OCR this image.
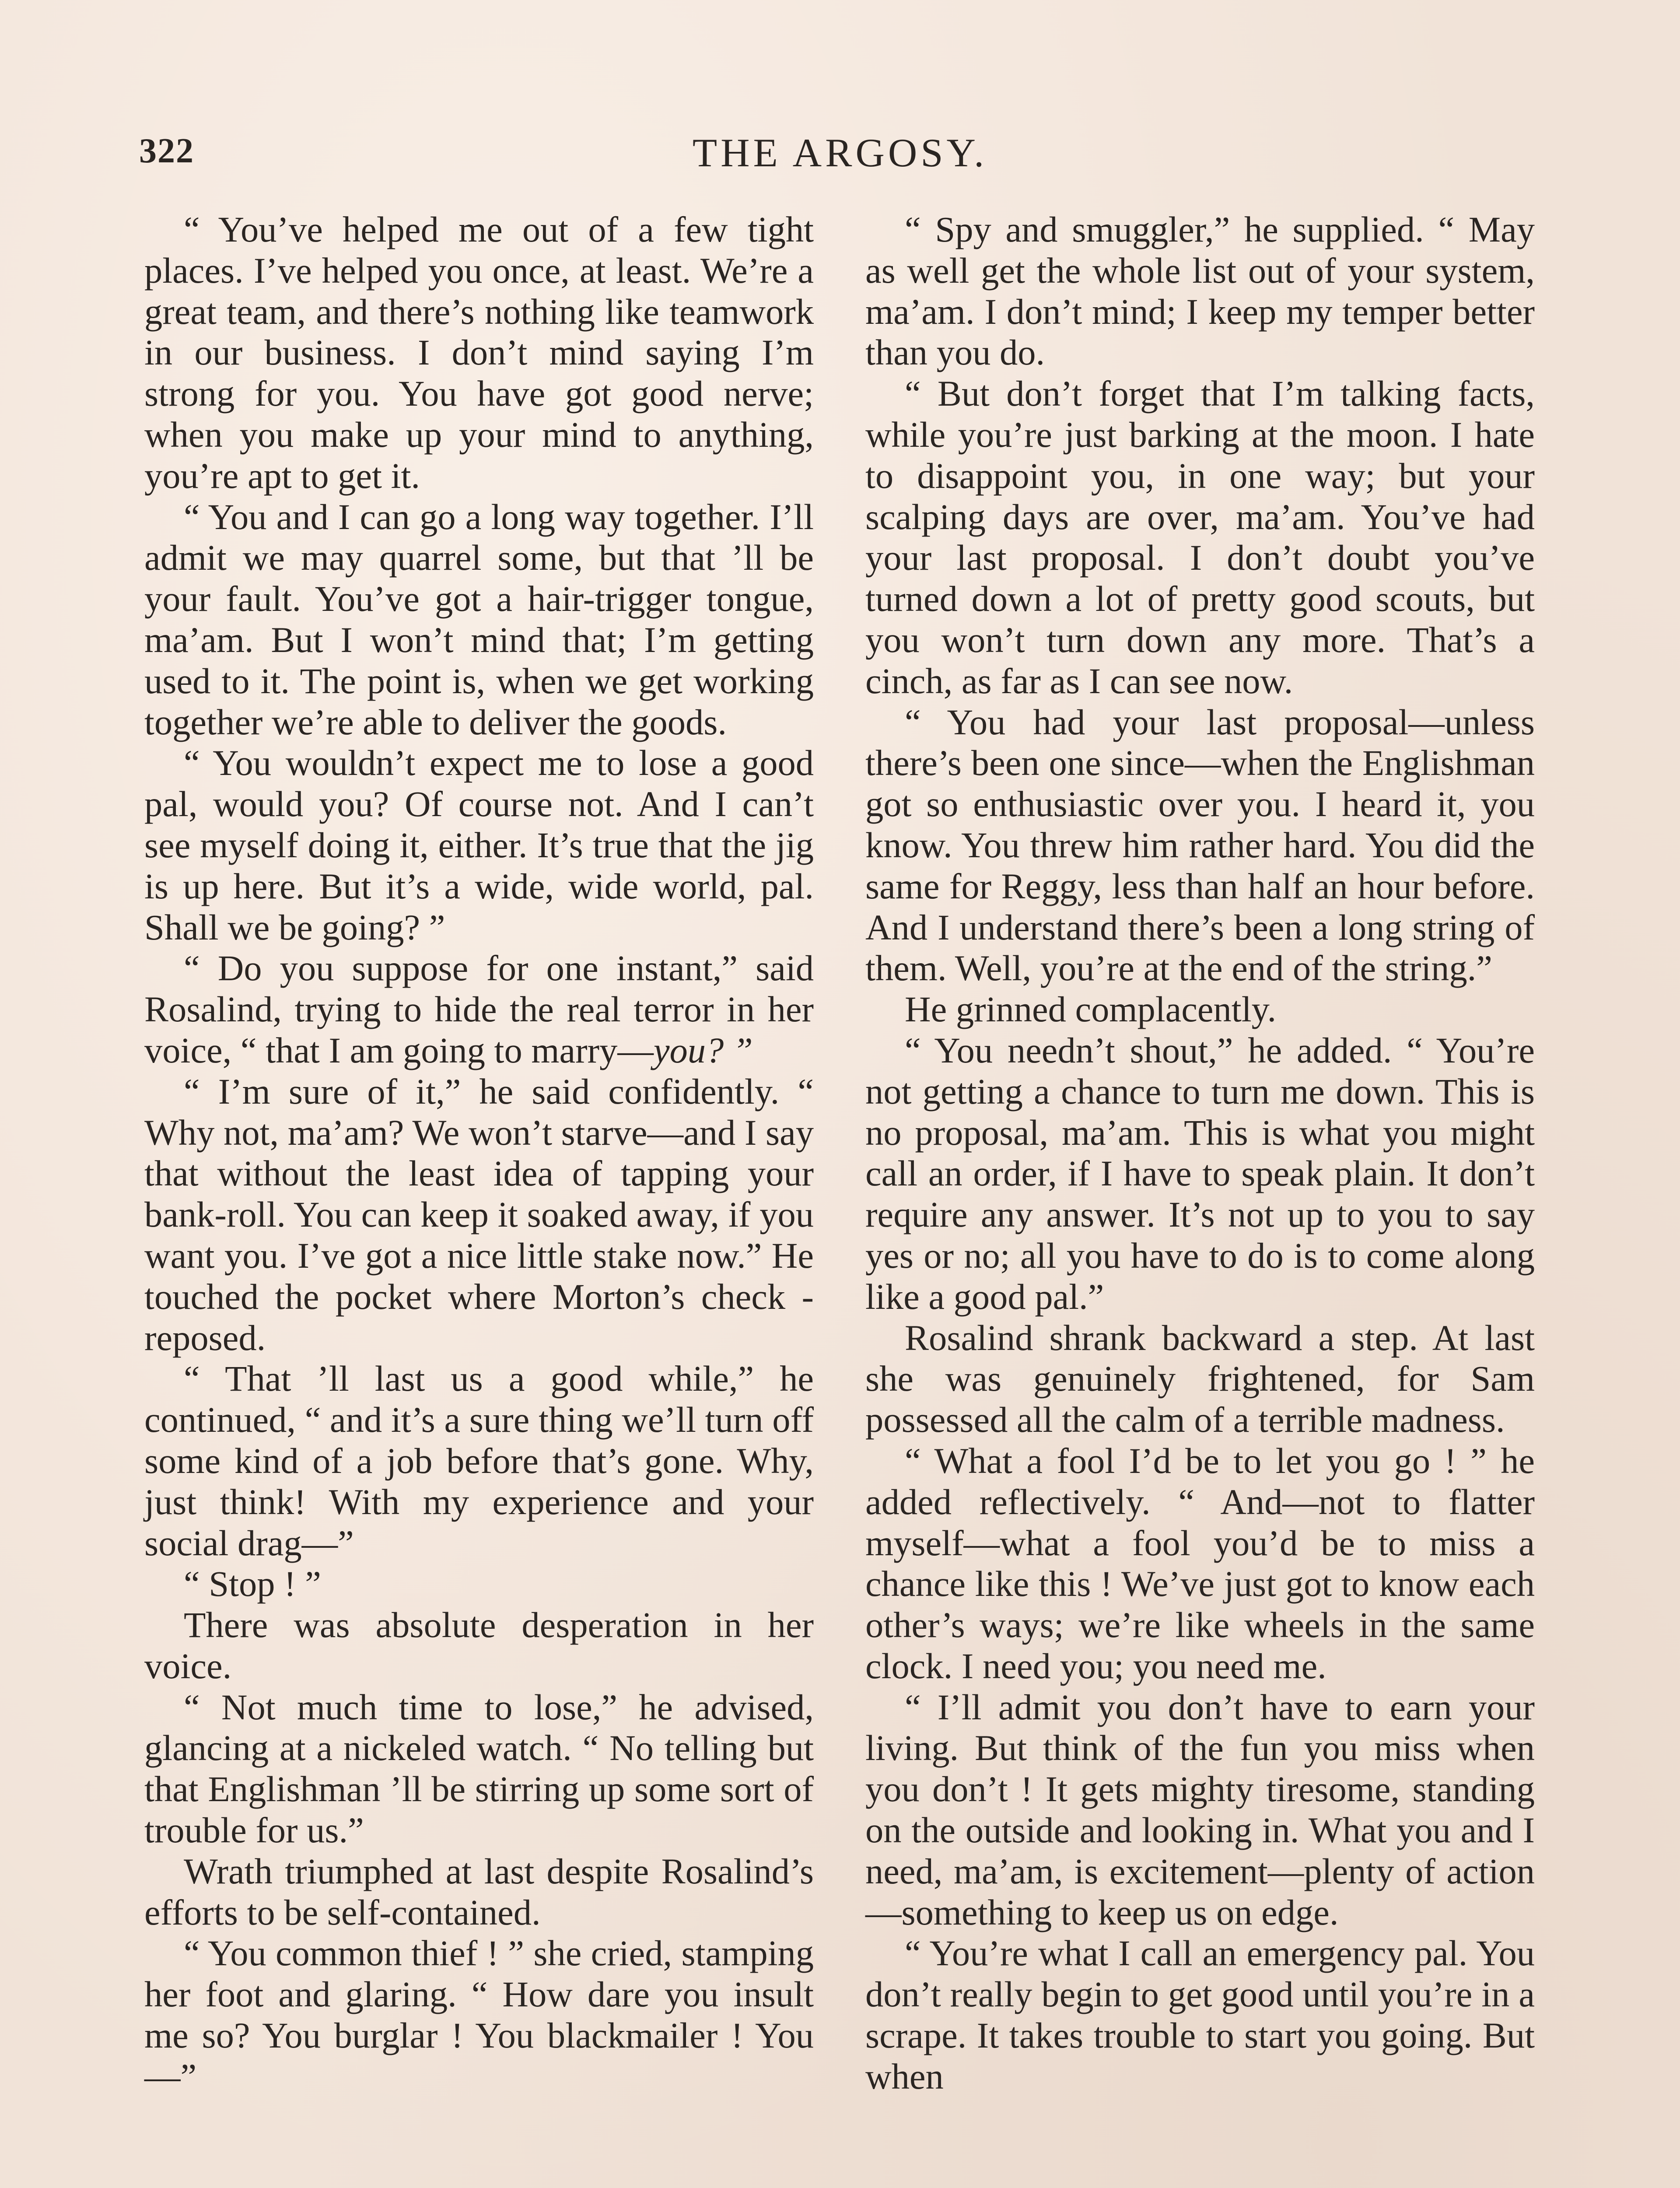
322	THE ARGOSY.

“ You’ve helped me out of a few tight places. I’ve helped you once, at least. We’re a great team, and there’s nothing like teamwork in our business. I don’t mind saying I’m strong for you. You have got good nerve; when you make up your mind to anything, you’re apt to get it.

“ You and I can go a long way together. I’ll admit we may quarrel some, but that ’ll be your fault. You’ve got a hair-trigger tongue, ma’am. But I won’t mind that; I’m getting used to it. The point is, when we get working together we’re able to deliver the goods.

“ You wouldn’t expect me to lose a good pal, would you? Of course not. And I can’t see myself doing it, either. It’s true that the jig is up here. But it’s a wide, wide world, pal. Shall we be going? ”

“ Do you suppose for one instant,” said Rosalind, trying to hide the real terror in her voice, “ that I am going to marry—you? ”

“ I’m sure of it,” he said confidently. “ Why not, ma’am? We won’t starve—and I say that without the least idea of tapping your bank-roll. You can keep it soaked away, if you want you. I’ve got a nice little stake now.” He touched the pocket where Morton’s check - reposed.

“ That ’ll last us a good while,” he continued, “ and it’s a sure thing we’ll turn off some kind of a job before that’s gone. Why, just think! With my experience and your social drag—”

“ Stop ! ”

There was absolute desperation in her voice.

“ Not much time to lose,” he advised, glancing at a nickeled watch. “ No telling but that Englishman ’ll be stirring up some sort of trouble for us.”

Wrath triumphed at last despite Rosalind’s efforts to be self-contained.

“ You common thief ! ” she cried, stamping her foot and glaring. “ How dare you insult me so? You burglar ! You blackmailer ! You—”

“ Spy and smuggler,” he supplied. “ May as well get the whole list out of your system, ma’am. I don’t mind; I keep my temper better than you do.

“ But don’t forget that I’m talking facts, while you’re just barking at the moon. I hate to disappoint you, in one way; but your scalping days are over, ma’am. You’ve had your last proposal. I don’t doubt you’ve turned down a lot of pretty good scouts, but you won’t turn down any more. That’s a cinch, as far as I can see now.

“ You had your last proposal—unless there’s been one since—when the Englishman got so enthusiastic over you. I heard it, you know. You threw him rather hard. You did the same for Reggy, less than half an hour before. And I understand there’s been a long string of them. Well, you’re at the end of the string.”

He grinned complacently.

“ You needn’t shout,” he added. “ You’re not getting a chance to turn me down. This is no proposal, ma’am. This is what you might call an order, if I have to speak plain. It don’t require any answer. It’s not up to you to say yes or no; all you have to do is to come along like a good pal.”

Rosalind shrank backward a step. At last she was genuinely frightened, for Sam possessed all the calm of a terrible madness.

“ What a fool I’d be to let you go ! ” he added reflectively. “ And—not to flatter myself—what a fool you’d be to miss a chance like this ! We’ve just got to know each other’s ways; we’re like wheels in the same clock. I need you; you need me.

“ I’ll admit you don’t have to earn your living. But think of the fun you miss when you don’t ! It gets mighty tiresome, standing on the outside and looking in. What you and I need, ma’am, is excitement—plenty of action —something to keep us on edge.

“ You’re what I call an emergency pal. You don’t really begin to get good until you’re in a scrape. It takes trouble to start you going. But when
